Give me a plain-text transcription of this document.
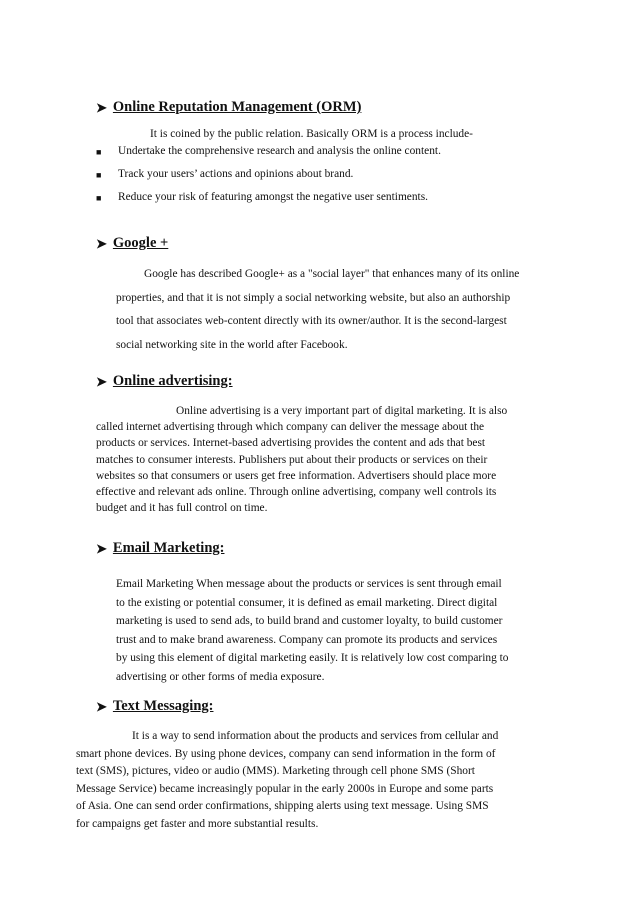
➤ Online Reputation Management (ORM)
It is coined by the public relation. Basically ORM is a process include-
■	Undertake the comprehensive research and analysis the online content.
■	Track your users’ actions and opinions about brand.
■	Reduce your risk of featuring amongst the negative user sentiments.
➤ Google +
Google has described Google+ as a "social layer" that enhances many of its online
properties, and that it is not simply a social networking website, but also an authorship
tool that associates web-content directly with its owner/author. It is the second-largest
social networking site in the world after Facebook.
➤ Online advertising:
Online advertising is a very important part of digital marketing. It is also
called internet advertising through which company can deliver the message about the
products or services. Internet-based advertising provides the content and ads that best
matches to consumer interests. Publishers put about their products or services on their
websites so that consumers or users get free information. Advertisers should place more
effective and relevant ads online. Through online advertising, company well controls its
budget and it has full control on time.
➤ Email Marketing:
Email Marketing When message about the products or services is sent through email
to the existing or potential consumer, it is defined as email marketing. Direct digital
marketing is used to send ads, to build brand and customer loyalty, to build customer
trust and to make brand awareness. Company can promote its products and services
by using this element of digital marketing easily. It is relatively low cost comparing to
advertising or other forms of media exposure.
➤ Text Messaging:
It is a way to send information about the products and services from cellular and
smart phone devices. By using phone devices, company can send information in the form of
text (SMS), pictures, video or audio (MMS). Marketing through cell phone SMS (Short
Message Service) became increasingly popular in the early 2000s in Europe and some parts
of Asia. One can send order confirmations, shipping alerts using text message. Using SMS
for campaigns get faster and more substantial results.
